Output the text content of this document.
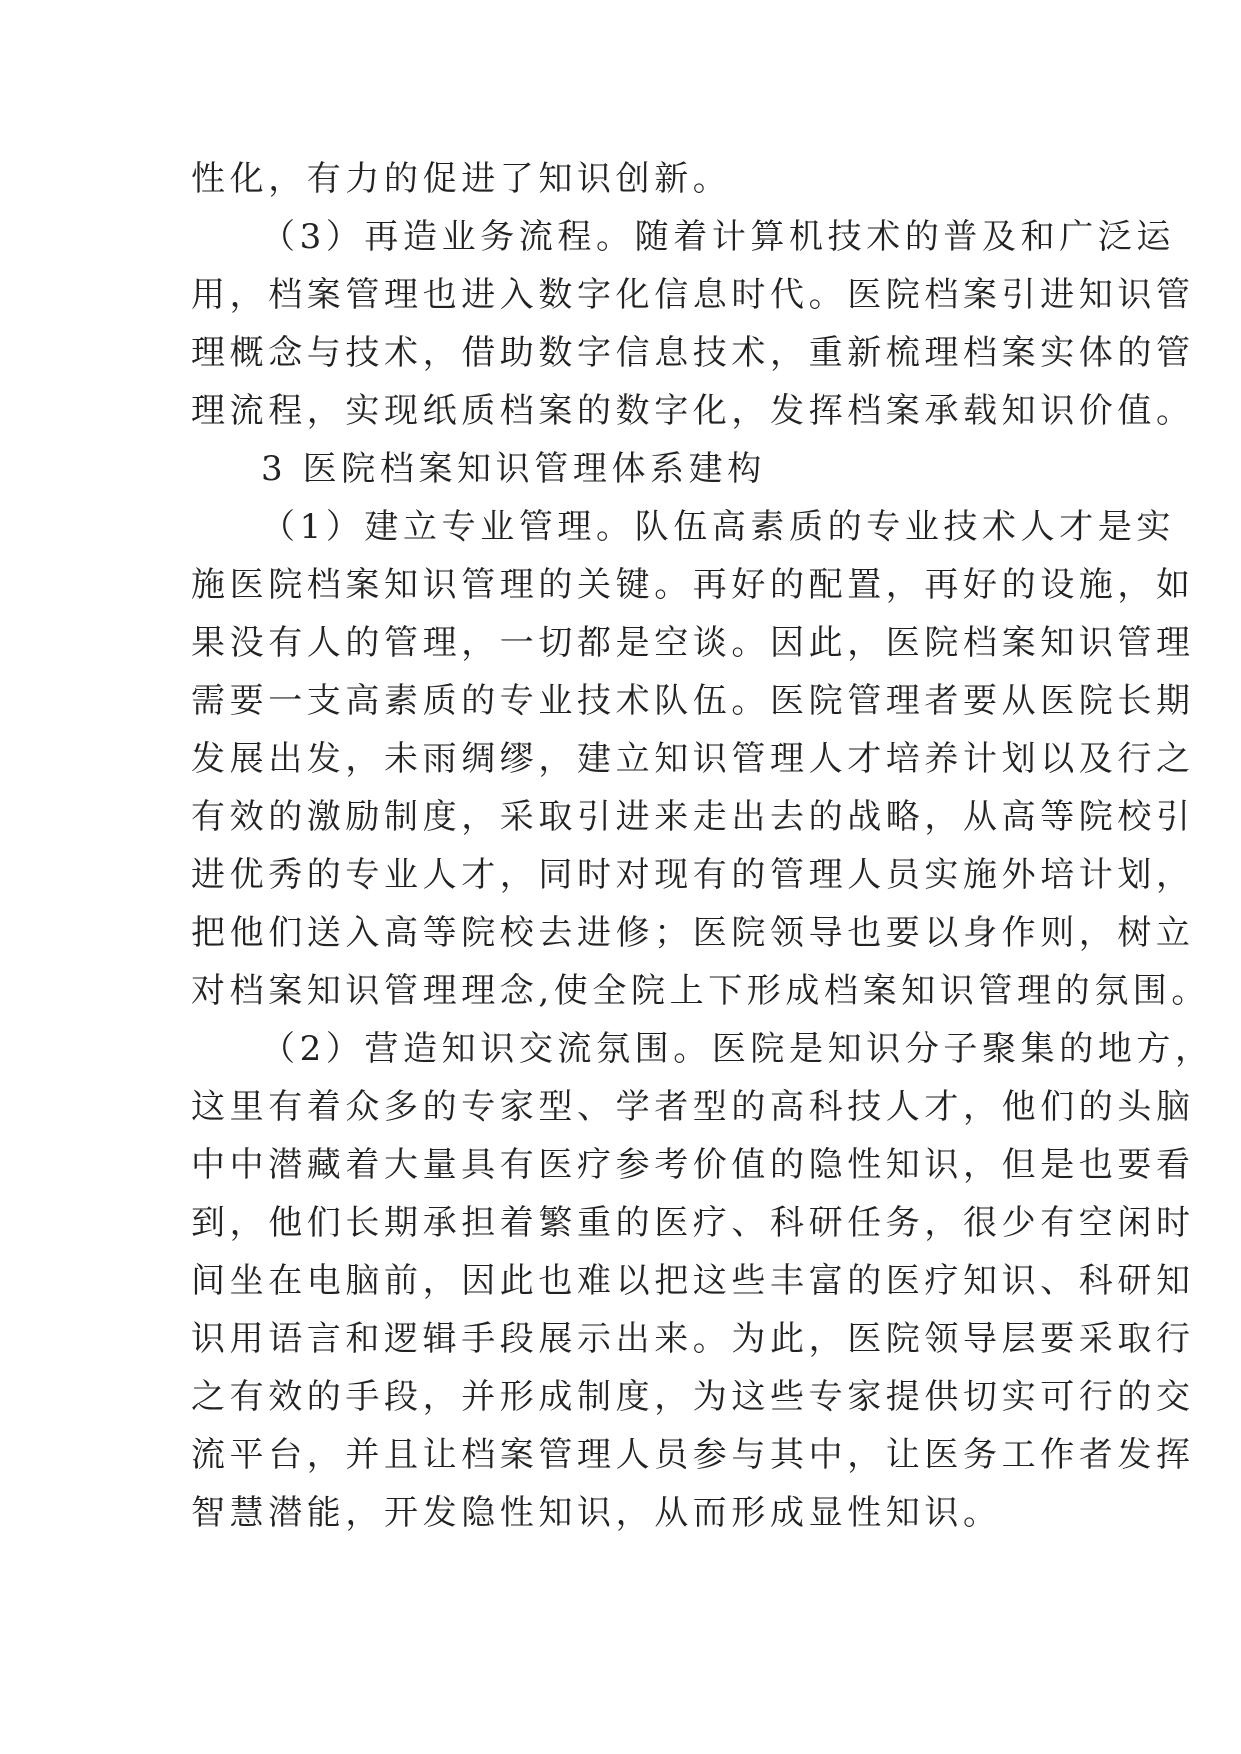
性化，有力的促进了知识创新。
（3）再造业务流程。随着计算机技术的普及和广泛运
用，档案管理也进入数字化信息时代。医院档案引进知识管
理概念与技术，借助数字信息技术，重新梳理档案实体的管
理流程，实现纸质档案的数字化，发挥档案承载知识价值。
3 医院档案知识管理体系建构
（1）建立专业管理。队伍高素质的专业技术人才是实
施医院档案知识管理的关键。再好的配置，再好的设施，如
果没有人的管理，一切都是空谈。因此，医院档案知识管理
需要一支高素质的专业技术队伍。医院管理者要从医院长期
发展出发，未雨绸缪，建立知识管理人才培养计划以及行之
有效的激励制度，采取引进来走出去的战略，从高等院校引
进优秀的专业人才，同时对现有的管理人员实施外培计划，
把他们送入高等院校去进修；医院领导也要以身作则，树立
对档案知识管理理念,使全院上下形成档案知识管理的氛围。
（2）营造知识交流氛围。医院是知识分子聚集的地方，
这里有着众多的专家型、学者型的高科技人才，他们的头脑
中中潜藏着大量具有医疗参考价值的隐性知识，但是也要看
到，他们长期承担着繁重的医疗、科研任务，很少有空闲时
间坐在电脑前，因此也难以把这些丰富的医疗知识、科研知
识用语言和逻辑手段展示出来。为此，医院领导层要采取行
之有效的手段，并形成制度，为这些专家提供切实可行的交
流平台，并且让档案管理人员参与其中，让医务工作者发挥
智慧潜能，开发隐性知识，从而形成显性知识。
